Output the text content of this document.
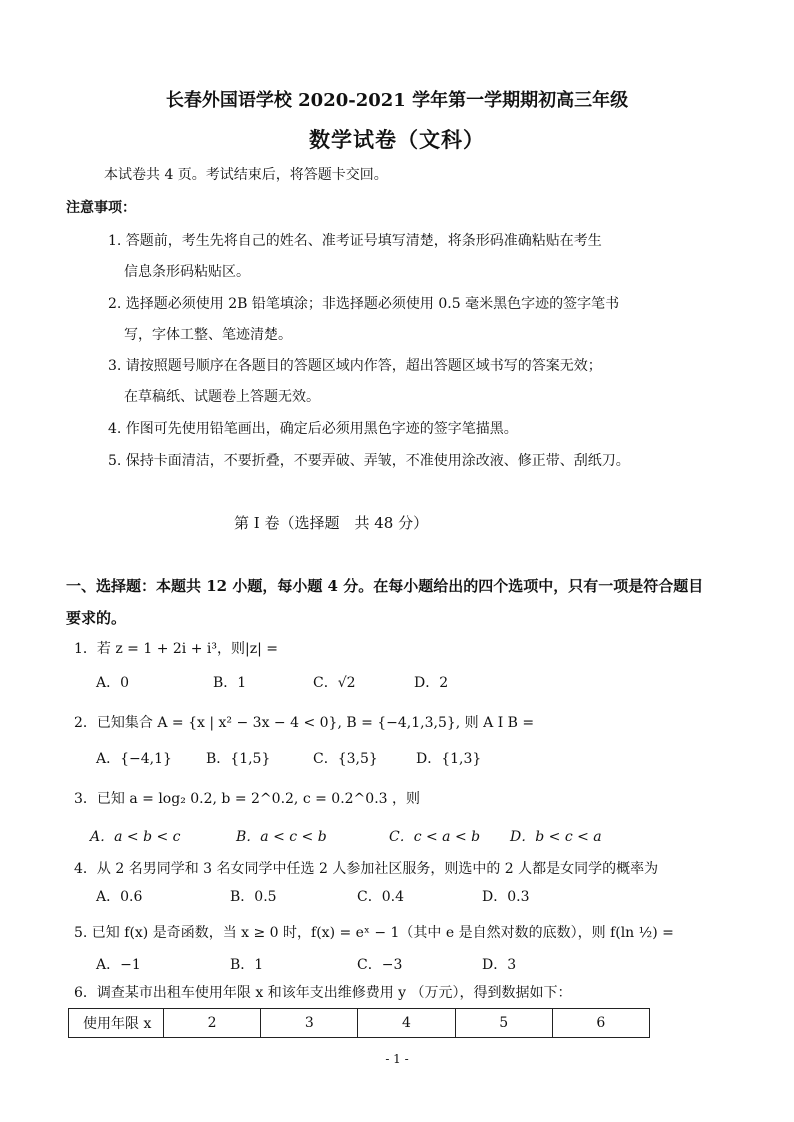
长春外国语学校 2020-2021 学年第一学期期初高三年级
数学试卷（文科）
本试卷共 4 页。考试结束后，将答题卡交回。
注意事项：
1. 答题前，考生先将自己的姓名、准考证号填写清楚，将条形码准确粘贴在考生
信息条形码粘贴区。
2. 选择题必须使用 2B 铅笔填涂；非选择题必须使用 0.5 毫米黑色字迹的签字笔书
写，字体工整、笔迹清楚。
3. 请按照题号顺序在各题目的答题区域内作答，超出答题区域书写的答案无效；
在草稿纸、试题卷上答题无效。
4. 作图可先使用铅笔画出，确定后必须用黑色字迹的签字笔描黑。
5. 保持卡面清洁，不要折叠，不要弄破、弄皱，不准使用涂改液、修正带、刮纸刀。
第 I 卷（选择题　共 48 分）
一、选择题：本题共 12 小题，每小题 4 分。在每小题给出的四个选项中，只有一项是符合题目要求的。
1．若 z = 1 + 2i + i³，则|z| =
A．0	B．1	C．√2	D．2
2．已知集合 A = {x | x² − 3x − 4 < 0}, B = {−4,1,3,5}, 则 A I B =
A．{−4,1} B．{1,5}	C．{3,5}	D．{1,3}
3．已知 a = log₂ 0.2, b = 2^0.2, c = 0.2^0.3 ，则
A．a < b < c	B．a < c < b	C．c < a < b D．b < c < a
4．从 2 名男同学和 3 名女同学中任选 2 人参加社区服务，则选中的 2 人都是女同学的概率为
A．0.6	B．0.5	C．0.4	D．0.3
5. 已知 f(x) 是奇函数，当 x ≥ 0 时，f(x) = eˣ − 1（其中 e 是自然对数的底数），则 f(ln ½) =
A．−1	B．1	C．−3	D．3
6．调查某市出租车使用年限 x 和该年支出维修费用 y （万元），得到数据如下：
使用年限 x	2	3	4	5	6
- 1 -
